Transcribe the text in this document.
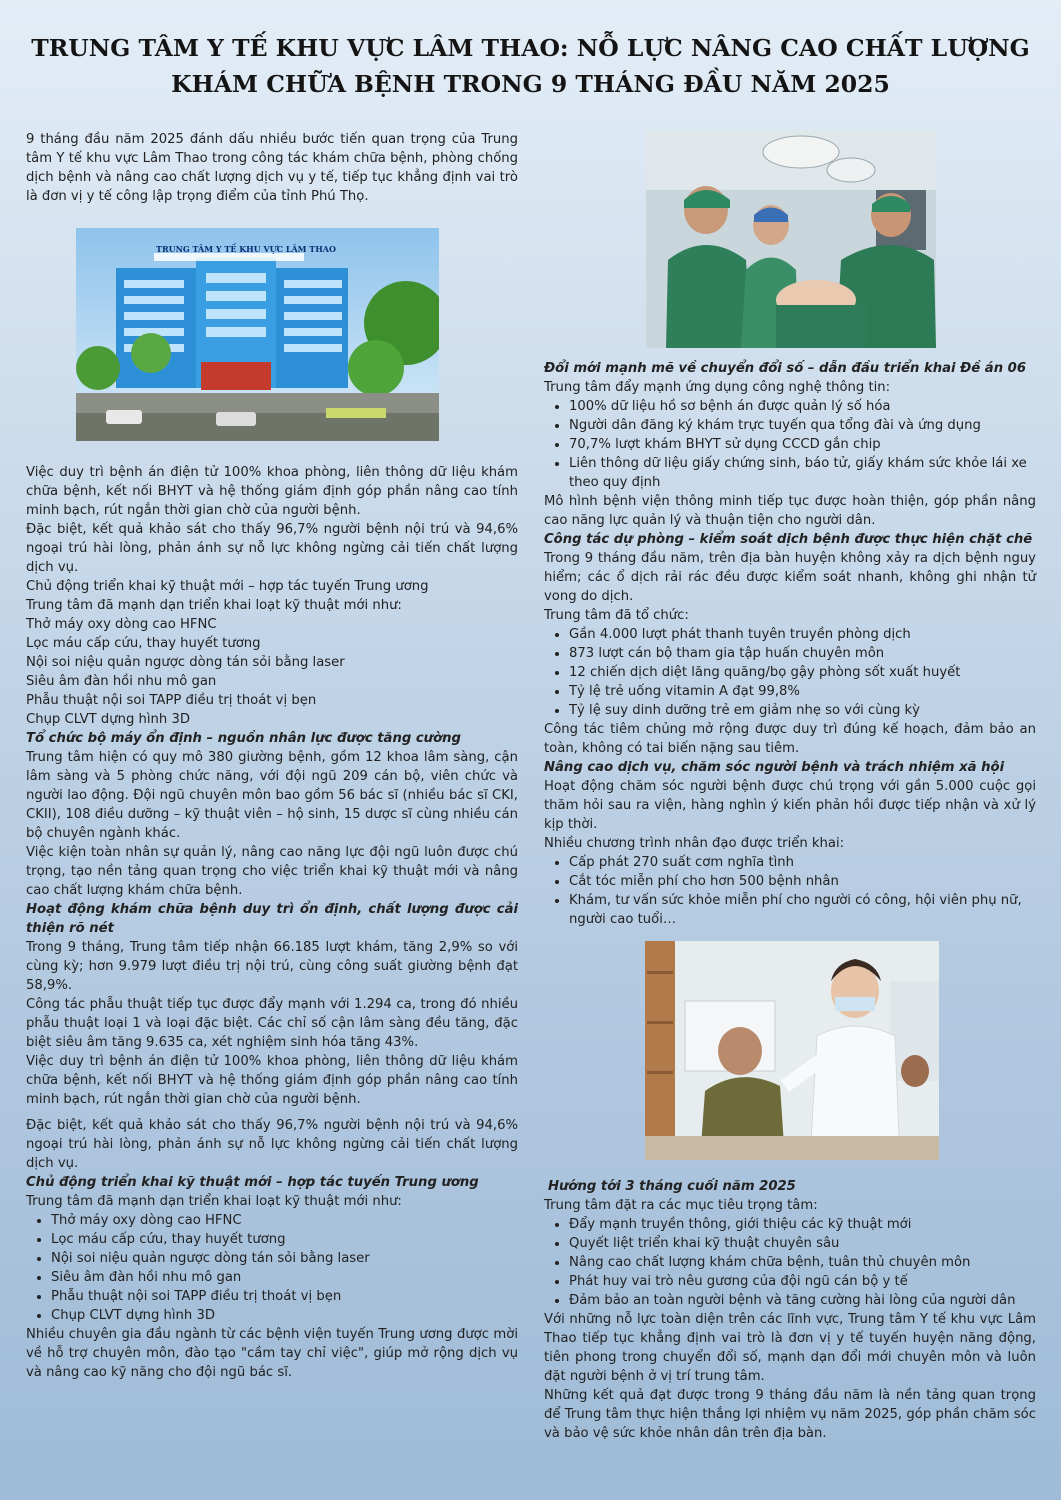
TRUNG TÂM Y TẾ KHU VỰC LÂM THAO: NỖ LỰC NÂNG CAO CHẤT LƯỢNG KHÁM CHỮA BỆNH TRONG 9 THÁNG ĐẦU NĂM 2025

9 tháng đầu năm 2025 đánh dấu nhiều bước tiến quan trọng của Trung tâm Y tế khu vực Lâm Thao trong công tác khám chữa bệnh, phòng chống dịch bệnh và nâng cao chất lượng dịch vụ y tế, tiếp tục khẳng định vai trò là đơn vị y tế công lập trọng điểm của tỉnh Phú Thọ.

TRUNG TÂM Y TẾ KHU VỰC LÂM THAO

Việc duy trì bệnh án điện tử 100% khoa phòng, liên thông dữ liệu khám chữa bệnh, kết nối BHYT và hệ thống giám định góp phần nâng cao tính minh bạch, rút ngắn thời gian chờ của người bệnh.

Đặc biệt, kết quả khảo sát cho thấy 96,7% người bệnh nội trú và 94,6% ngoại trú hài lòng, phản ánh sự nỗ lực không ngừng cải tiến chất lượng dịch vụ.

Chủ động triển khai kỹ thuật mới – hợp tác tuyến Trung ương

Trung tâm đã mạnh dạn triển khai loạt kỹ thuật mới như:

Thở máy oxy dòng cao HFNC
Lọc máu cấp cứu, thay huyết tương
Nội soi niệu quản ngược dòng tán sỏi bằng laser
Siêu âm đàn hồi nhu mô gan
Phẫu thuật nội soi TAPP điều trị thoát vị bẹn
Chụp CLVT dựng hình 3D

Tổ chức bộ máy ổn định – nguồn nhân lực được tăng cường

Trung tâm hiện có quy mô 380 giường bệnh, gồm 12 khoa lâm sàng, cận lâm sàng và 5 phòng chức năng, với đội ngũ 209 cán bộ, viên chức và người lao động. Đội ngũ chuyên môn bao gồm 56 bác sĩ (nhiều bác sĩ CKI, CKII), 108 điều dưỡng – kỹ thuật viên – hộ sinh, 15 dược sĩ cùng nhiều cán bộ chuyên ngành khác.

Việc kiện toàn nhân sự quản lý, nâng cao năng lực đội ngũ luôn được chú trọng, tạo nền tảng quan trọng cho việc triển khai kỹ thuật mới và nâng cao chất lượng khám chữa bệnh.

Hoạt động khám chữa bệnh duy trì ổn định, chất lượng được cải thiện rõ nét

Trong 9 tháng, Trung tâm tiếp nhận 66.185 lượt khám, tăng 2,9% so với cùng kỳ; hơn 9.979 lượt điều trị nội trú, cùng công suất giường bệnh đạt 58,9%.

Công tác phẫu thuật tiếp tục được đẩy mạnh với 1.294 ca, trong đó nhiều phẫu thuật loại 1 và loại đặc biệt. Các chỉ số cận lâm sàng đều tăng, đặc biệt siêu âm tăng 9.635 ca, xét nghiệm sinh hóa tăng 43%.

Việc duy trì bệnh án điện tử 100% khoa phòng, liên thông dữ liệu khám chữa bệnh, kết nối BHYT và hệ thống giám định góp phần nâng cao tính minh bạch, rút ngắn thời gian chờ của người bệnh.

Đặc biệt, kết quả khảo sát cho thấy 96,7% người bệnh nội trú và 94,6% ngoại trú hài lòng, phản ánh sự nỗ lực không ngừng cải tiến chất lượng dịch vụ.

Chủ động triển khai kỹ thuật mới – hợp tác tuyến Trung ương

Trung tâm đã mạnh dạn triển khai loạt kỹ thuật mới như:

• Thở máy oxy dòng cao HFNC
• Lọc máu cấp cứu, thay huyết tương
• Nội soi niệu quản ngược dòng tán sỏi bằng laser
• Siêu âm đàn hồi nhu mô gan
• Phẫu thuật nội soi TAPP điều trị thoát vị bẹn
• Chụp CLVT dựng hình 3D

Nhiều chuyên gia đầu ngành từ các bệnh viện tuyến Trung ương được mời về hỗ trợ chuyên môn, đào tạo "cầm tay chỉ việc", giúp mở rộng dịch vụ và nâng cao kỹ năng cho đội ngũ bác sĩ.

Đổi mới mạnh mẽ về chuyển đổi số – dẫn đầu triển khai Đề án 06

Trung tâm đẩy mạnh ứng dụng công nghệ thông tin:

• 100% dữ liệu hồ sơ bệnh án được quản lý số hóa
• Người dân đăng ký khám trực tuyến qua tổng đài và ứng dụng
• 70,7% lượt khám BHYT sử dụng CCCD gắn chip
• Liên thông dữ liệu giấy chứng sinh, báo tử, giấy khám sức khỏe lái xe theo quy định

Mô hình bệnh viện thông minh tiếp tục được hoàn thiện, góp phần nâng cao năng lực quản lý và thuận tiện cho người dân.

Công tác dự phòng – kiểm soát dịch bệnh được thực hiện chặt chẽ

Trong 9 tháng đầu năm, trên địa bàn huyện không xảy ra dịch bệnh nguy hiểm; các ổ dịch rải rác đều được kiểm soát nhanh, không ghi nhận tử vong do dịch.

Trung tâm đã tổ chức:

• Gần 4.000 lượt phát thanh tuyên truyền phòng dịch
• 873 lượt cán bộ tham gia tập huấn chuyên môn
• 12 chiến dịch diệt lăng quăng/bọ gậy phòng sốt xuất huyết
• Tỷ lệ trẻ uống vitamin A đạt 99,8%
• Tỷ lệ suy dinh dưỡng trẻ em giảm nhẹ so với cùng kỳ

Công tác tiêm chủng mở rộng được duy trì đúng kế hoạch, đảm bảo an toàn, không có tai biến nặng sau tiêm.

Nâng cao dịch vụ, chăm sóc người bệnh và trách nhiệm xã hội

Hoạt động chăm sóc người bệnh được chú trọng với gần 5.000 cuộc gọi thăm hỏi sau ra viện, hàng nghìn ý kiến phản hồi được tiếp nhận và xử lý kịp thời.

Nhiều chương trình nhân đạo được triển khai:

• Cấp phát 270 suất cơm nghĩa tình
• Cắt tóc miễn phí cho hơn 500 bệnh nhân
• Khám, tư vấn sức khỏe miễn phí cho người có công, hội viên phụ nữ, người cao tuổi…

Hướng tới 3 tháng cuối năm 2025

Trung tâm đặt ra các mục tiêu trọng tâm:

• Đẩy mạnh truyền thông, giới thiệu các kỹ thuật mới
• Quyết liệt triển khai kỹ thuật chuyên sâu
• Nâng cao chất lượng khám chữa bệnh, tuân thủ chuyên môn
• Phát huy vai trò nêu gương của đội ngũ cán bộ y tế
• Đảm bảo an toàn người bệnh và tăng cường hài lòng của người dân

Với những nỗ lực toàn diện trên các lĩnh vực, Trung tâm Y tế khu vực Lâm Thao tiếp tục khẳng định vai trò là đơn vị y tế tuyến huyện năng động, tiên phong trong chuyển đổi số, mạnh dạn đổi mới chuyên môn và luôn đặt người bệnh ở vị trí trung tâm.

Những kết quả đạt được trong 9 tháng đầu năm là nền tảng quan trọng để Trung tâm thực hiện thắng lợi nhiệm vụ năm 2025, góp phần chăm sóc và bảo vệ sức khỏe nhân dân trên địa bàn.
